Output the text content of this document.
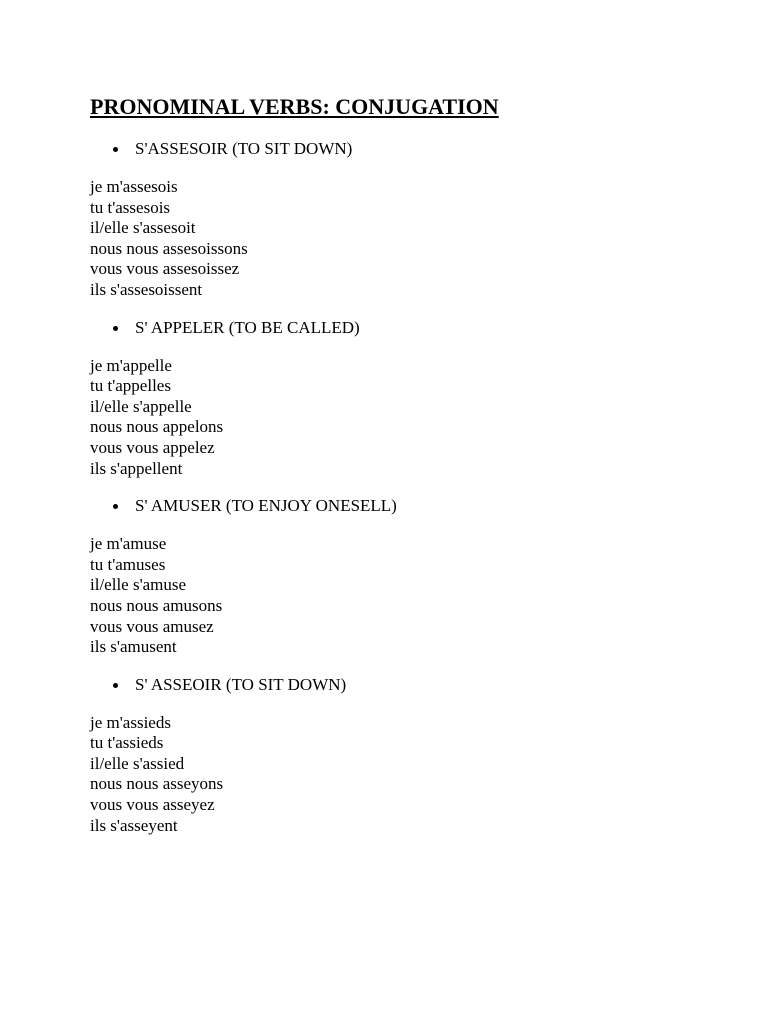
PRONOMINAL VERBS: CONJUGATION
S'ASSESOIR (TO SIT DOWN)
je m'assesois
tu t'assesois
il/elle s'assesoit
nous nous assesoissons
vous vous assesoissez
ils s'assesoissent
S' APPELER (TO BE CALLED)
je m'appelle
tu t'appelles
il/elle s'appelle
nous nous appelons
vous vous appelez
ils s'appellent
S' AMUSER (TO ENJOY ONESELL)
je m'amuse
tu t'amuses
il/elle s'amuse
nous nous amusons
vous vous amusez
ils s'amusent
S' ASSEOIR (TO SIT DOWN)
je m'assieds
tu t'assieds
il/elle s'assied
nous nous asseyons
vous vous asseyez
ils s'asseyent
